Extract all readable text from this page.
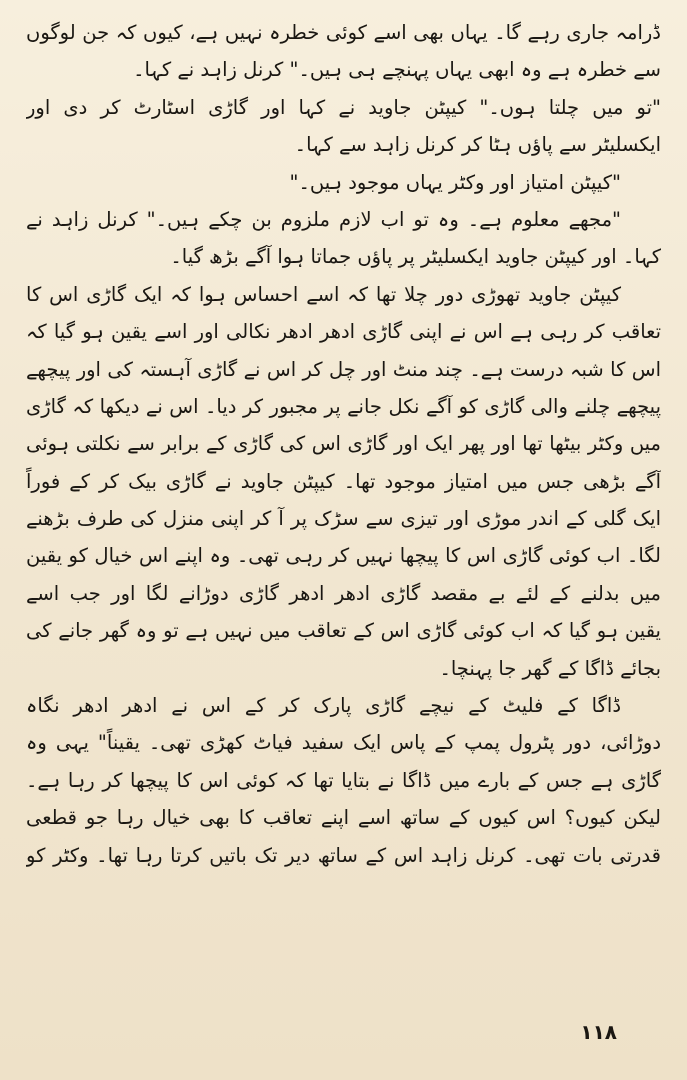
ڈرامہ جاری رہے گا۔ یہاں بھی اسے کوئی خطرہ نہیں ہے، کیوں کہ جن لوگوں
سے خطرہ ہے وہ ابھی یہاں پہنچے ہی ہیں۔" کرنل زاہد نے کہا۔
"تو میں چلتا ہوں۔" کیپٹن جاوید نے کہا اور گاڑی اسٹارٹ کر دی اور
ایکسلیٹر سے پاؤں ہٹا کر کرنل زاہد سے کہا۔
"کیپٹن امتیاز اور وکٹر یہاں موجود ہیں۔"
"مجھے معلوم ہے۔ وہ تو اب لازم ملزوم بن چکے ہیں۔" کرنل زاہد نے
کہا۔ اور کیپٹن جاوید ایکسلیٹر پر پاؤں جماتا ہوا آگے بڑھ گیا۔
کیپٹن جاوید تھوڑی دور چلا تھا کہ اسے احساس ہوا کہ ایک گاڑی اس کا
تعاقب کر رہی ہے اس نے اپنی گاڑی ادھر ادھر نکالی اور اسے یقین ہو گیا کہ
اس کا شبہ درست ہے۔ چند منٹ اور چل کر اس نے گاڑی آہستہ کی اور پیچھے
پیچھے چلنے والی گاڑی کو آگے نکل جانے پر مجبور کر دیا۔ اس نے دیکھا کہ گاڑی
میں وکٹر بیٹھا تھا اور پھر ایک اور گاڑی اس کی گاڑی کے برابر سے نکلتی ہوئی
آگے بڑھی جس میں امتیاز موجود تھا۔ کیپٹن جاوید نے گاڑی بیک کر کے فوراً
ایک گلی کے اندر موڑی اور تیزی سے سڑک پر آ کر اپنی منزل کی طرف بڑھنے
لگا۔ اب کوئی گاڑی اس کا پیچھا نہیں کر رہی تھی۔ وہ اپنے اس خیال کو یقین
میں بدلنے کے لئے بے مقصد گاڑی ادھر ادھر گاڑی دوڑانے لگا اور جب اسے
یقین ہو گیا کہ اب کوئی گاڑی اس کے تعاقب میں نہیں ہے تو وہ گھر جانے کی
بجائے ڈاگا کے گھر جا پہنچا۔
ڈاگا کے فلیٹ کے نیچے گاڑی پارک کر کے اس نے ادھر ادھر نگاہ
دوڑائی، دور پٹرول پمپ کے پاس ایک سفید فیاٹ کھڑی تھی۔ یقیناً" یہی وہ
گاڑی ہے جس کے بارے میں ڈاگا نے بتایا تھا کہ کوئی اس کا پیچھا کر رہا ہے۔
لیکن کیوں؟ اس کیوں کے ساتھ اسے اپنے تعاقب کا بھی خیال رہا جو قطعی
قدرتی بات تھی۔ کرنل زاہد اس کے ساتھ دیر تک باتیں کرتا رہا تھا۔ وکٹر کو
۱۱۸
